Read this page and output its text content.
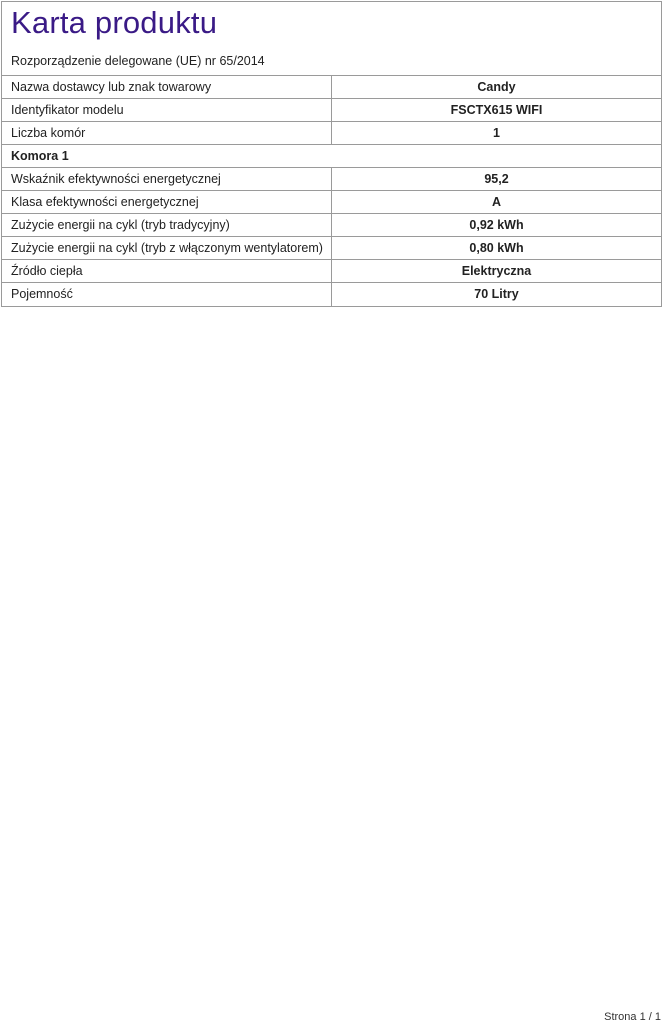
Karta produktu
Rozporządzenie delegowane (UE) nr 65/2014
Nazwa dostawcy lub znak towarowy	Candy
Identyfikator modelu	FSCTX615 WIFI
Liczba komór	1
Komora 1
Wskaźnik efektywności energetycznej	95,2
Klasa efektywności energetycznej	A
Zużycie energii na cykl (tryb tradycyjny)	0,92 kWh
Zużycie energii na cykl (tryb z włączonym wentylatorem)	0,80 kWh
Źródło ciepła	Elektryczna
Pojemność	70 Litry
Strona 1 / 1
